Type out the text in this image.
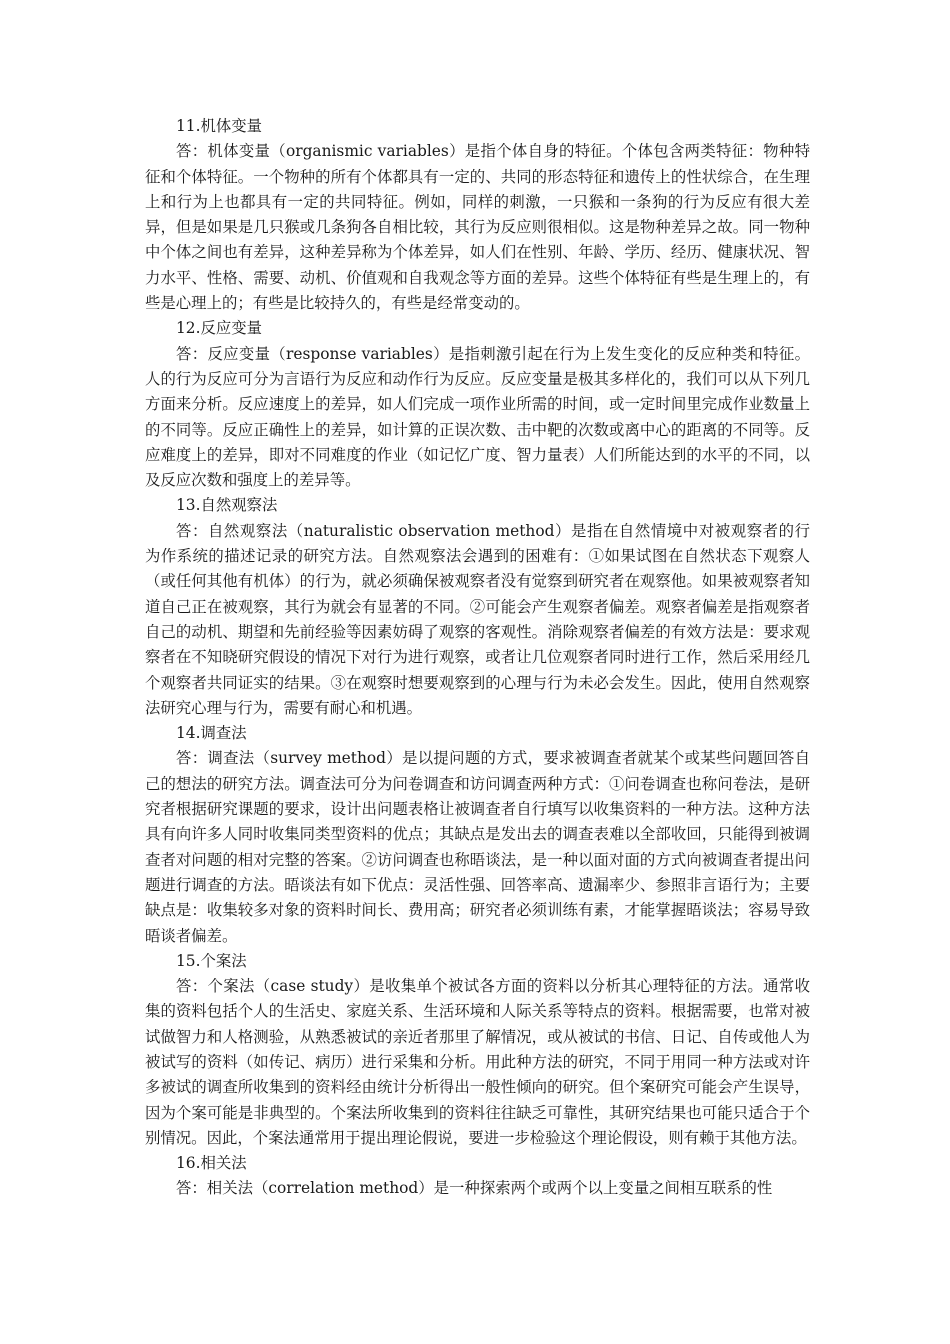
11.机体变量

答：机体变量（organismic variables）是指个体自身的特征。个体包含两类特征：物种特征和个体特征。一个物种的所有个体都具有一定的、共同的形态特征和遗传上的性状综合，在生理上和行为上也都具有一定的共同特征。例如，同样的刺激，一只猴和一条狗的行为反应有很大差异，但是如果是几只猴或几条狗各自相比较，其行为反应则很相似。这是物种差异之故。同一物种中个体之间也有差异，这种差异称为个体差异，如人们在性别、年龄、学历、经历、健康状况、智力水平、性格、需要、动机、价值观和自我观念等方面的差异。这些个体特征有些是生理上的，有些是心理上的；有些是比较持久的，有些是经常变动的。

12.反应变量

答：反应变量（response variables）是指刺激引起在行为上发生变化的反应种类和特征。人的行为反应可分为言语行为反应和动作行为反应。反应变量是极其多样化的，我们可以从下列几方面来分析。反应速度上的差异，如人们完成一项作业所需的时间，或一定时间里完成作业数量上的不同等。反应正确性上的差异，如计算的正误次数、击中靶的次数或离中心的距离的不同等。反应难度上的差异，即对不同难度的作业（如记忆广度、智力量表）人们所能达到的水平的不同，以及反应次数和强度上的差异等。

13.自然观察法

答：自然观察法（naturalistic observation method）是指在自然情境中对被观察者的行为作系统的描述记录的研究方法。自然观察法会遇到的困难有：①如果试图在自然状态下观察人（或任何其他有机体）的行为，就必须确保被观察者没有觉察到研究者在观察他。如果被观察者知道自己正在被观察，其行为就会有显著的不同。②可能会产生观察者偏差。观察者偏差是指观察者自己的动机、期望和先前经验等因素妨碍了观察的客观性。消除观察者偏差的有效方法是：要求观察者在不知晓研究假设的情况下对行为进行观察，或者让几位观察者同时进行工作，然后采用经几个观察者共同证实的结果。③在观察时想要观察到的心理与行为未必会发生。因此，使用自然观察法研究心理与行为，需要有耐心和机遇。

14.调查法

答：调查法（survey method）是以提问题的方式，要求被调查者就某个或某些问题回答自己的想法的研究方法。调查法可分为问卷调查和访问调查两种方式：①问卷调查也称问卷法，是研究者根据研究课题的要求，设计出问题表格让被调查者自行填写以收集资料的一种方法。这种方法具有向许多人同时收集同类型资料的优点；其缺点是发出去的调查表难以全部收回，只能得到被调查者对问题的相对完整的答案。②访问调查也称晤谈法，是一种以面对面的方式向被调查者提出问题进行调查的方法。晤谈法有如下优点：灵活性强、回答率高、遗漏率少、参照非言语行为；主要缺点是：收集较多对象的资料时间长、费用高；研究者必须训练有素，才能掌握晤谈法；容易导致晤谈者偏差。

15.个案法

答：个案法（case study）是收集单个被试各方面的资料以分析其心理特征的方法。通常收集的资料包括个人的生活史、家庭关系、生活环境和人际关系等特点的资料。根据需要，也常对被试做智力和人格测验，从熟悉被试的亲近者那里了解情况，或从被试的书信、日记、自传或他人为被试写的资料（如传记、病历）进行采集和分析。用此种方法的研究，不同于用同一种方法或对许多被试的调查所收集到的资料经由统计分析得出一般性倾向的研究。但个案研究可能会产生误导，因为个案可能是非典型的。个案法所收集到的资料往往缺乏可靠性，其研究结果也可能只适合于个别情况。因此，个案法通常用于提出理论假说，要进一步检验这个理论假设，则有赖于其他方法。

16.相关法

答：相关法（correlation method）是一种探索两个或两个以上变量之间相互联系的性
